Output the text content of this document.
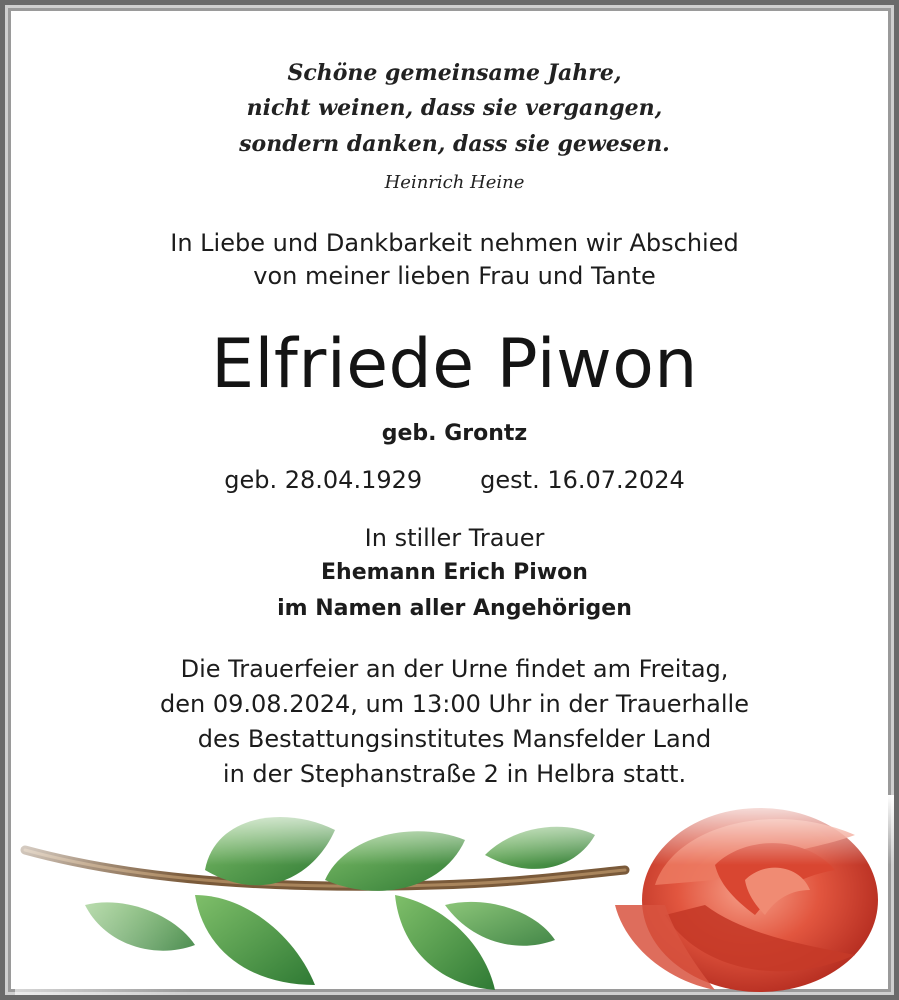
Schöne gemeinsame Jahre,
nicht weinen, dass sie vergangen,
sondern danken, dass sie gewesen.
Heinrich Heine
In Liebe und Dankbarkeit nehmen wir Abschied
von meiner lieben Frau und Tante
Elfriede Piwon
geb. Grontz
geb. 28.04.1929 gest. 16.07.2024
In stiller Trauer
Ehemann Erich Piwon
im Namen aller Angehörigen
Die Trauerfeier an der Urne findet am Freitag,
den 09.08.2024, um 13:00 Uhr in der Trauerhalle
des Bestattungsinstitutes Mansfelder Land
in der Stephanstraße 2 in Helbra statt.
